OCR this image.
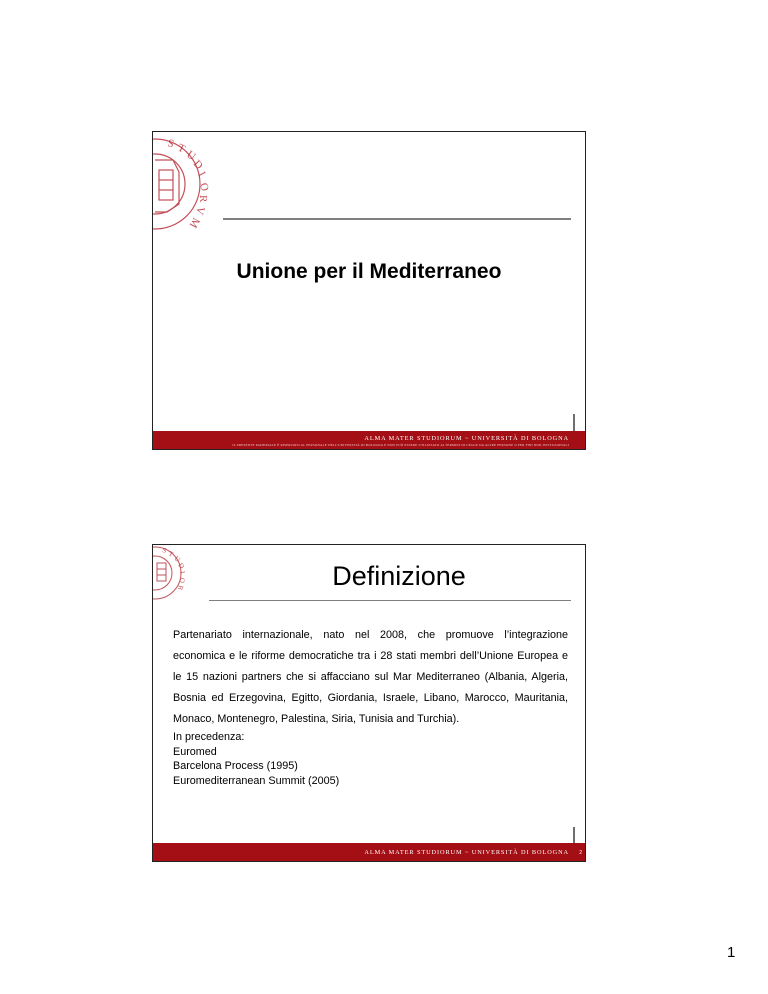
S T
U
D
I
O
R
V
M
Unione per il Mediterraneo
ALMA MATER STUDIORUM ~ UNIVERSITÀ DI BOLOGNA
IL PRESENTE MATERIALE È RISERVATO AL PERSONALE DELL'UNIVERSITÀ DI BOLOGNA E NON PUÒ ESSERE UTILIZZATO AI TERMINI DI LEGGE DA ALTRE PERSONE O PER FINI NON ISTITUZIONALI
S T
U
D
I
O
R	Definizione
Partenariato internazionale, nato nel 2008, che promuove l’integrazione economica e le riforme democratiche tra i 28 stati membri dell’Unione Europea e le 15 nazioni partners che si affacciano sul Mar Mediterraneo (Albania, Algeria, Bosnia ed Erzegovina, Egitto, Giordania, Israele, Libano, Marocco, Mauritania, Monaco, Montenegro, Palestina, Siria, Tunisia and Turchia).
In precedenza:
Euromed
Barcelona Process (1995)
Euromediterranean Summit (2005)
ALMA MATER STUDIORUM ~ UNIVERSITÀ DI BOLOGNA 2
1
